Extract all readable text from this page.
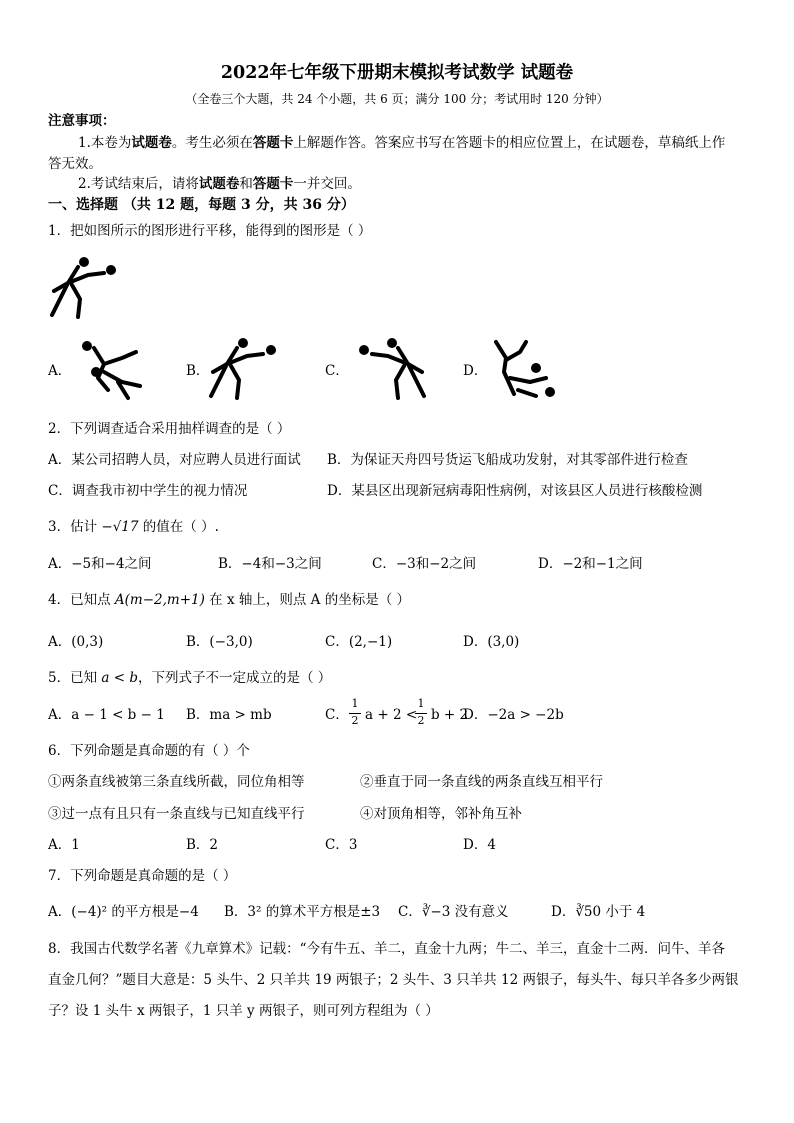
2022年七年级下册期末模拟考试数学 试题卷
（全卷三个大题，共 24 个小题，共 6 页；满分 100 分；考试用时 120 分钟）
注意事项：
1.本卷为试题卷。考生必须在答题卡上解题作答。答案应书写在答题卡的相应位置上，在试题卷，草稿纸上作
答无效。
2.考试结束后，请将试题卷和答题卡一并交回。
一、选择题 （共 12 题，每题 3 分，共 36 分）
1．把如图所示的图形进行平移，能得到的图形是（ ）
A．	B．	C．	D．
2．下列调查适合采用抽样调查的是（ ）
A．某公司招聘人员，对应聘人员进行面试 B．为保证天舟四号货运飞船成功发射，对其零部件进行检查
C．调查我市初中学生的视力情况	D．某县区出现新冠病毒阳性病例，对该县区人员进行核酸检测
3．估计 −√17 的值在（ ）.
A．−5和−4之间	B．−4和−3之间	C．−3和−2之间	D．−2和−1之间
4．已知点 A(m−2,m+1) 在 x 轴上，则点 A 的坐标是（ ）
A．(0,3)	B．(−3,0)	C．(2,−1)	D．(3,0)
5．已知 a < b，下列式子不一定成立的是（ ）
A．a − 1 < b − 1 B．ma > mb	C．
1
2 a + 2 <
1
2 b + 2
D．−2a > −2b
6．下列命题是真命题的有（ ）个
①两条直线被第三条直线所截，同位角相等	②垂直于同一条直线的两条直线互相平行
③过一点有且只有一条直线与已知直线平行	④对顶角相等，邻补角互补
A．1	B．2	C．3	D．4
7．下列命题是真命题的是（ ）
A．(−4)² 的平方根是−4 B．3² 的算术平方根是±3 C．∛−3 没有意义	D．∛50 小于 4
8．我国古代数学名著《九章算术》记载：“今有牛五、羊二，直金十九两；牛二、羊三，直金十二两．问牛、羊各
直金几何？”题目大意是：5 头牛、2 只羊共 19 两银子；2 头牛、3 只羊共 12 两银子，每头牛、每只羊各多少两银
子？设 1 头牛 x 两银子，1 只羊 y 两银子，则可列方程组为（ ）
